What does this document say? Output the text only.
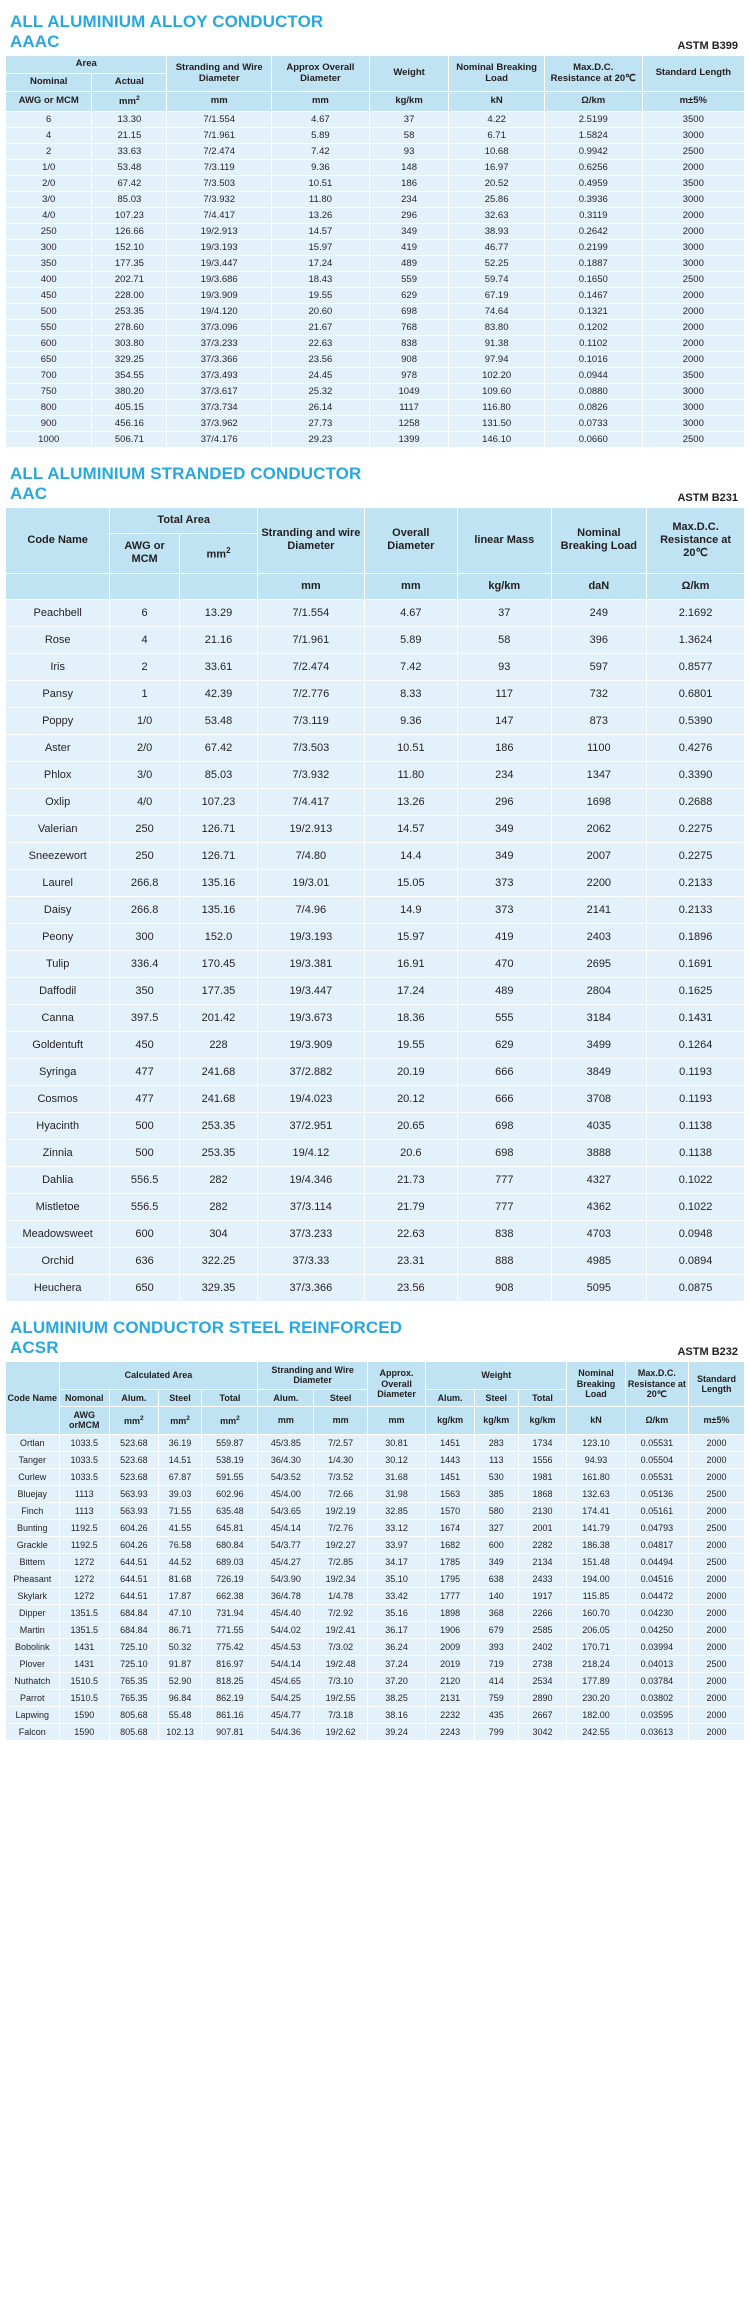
ALL ALUMINIUM ALLOY CONDUCTOR
AAAC	ASTM B399
Area		Stranding and Wire Diameter	Approx Overall Diameter	Weight	Nominal Breaking Load	Max.D.C. Resistance at 20℃	Standard Length
Nominal	Actual						
AWG or MCM	$mm^2$	mm	mm	kg/km	kN	Ω/km	m±5%
6	13.30	7/1.554	4.67	37	4.22	2.5199	3500
4	21.15	7/1.961	5.89	58	6.71	1.5824	3000
2	33.63	7/2.474	7.42	93	10.68	0.9942	2500
1/0	53.48	7/3.119	9.36	148	16.97	0.6256	2000
2/0	67.42	7/3.503	10.51	186	20.52	0.4959	3500
3/0	85.03	7/3.932	11.80	234	25.86	0.3936	3000
4/0	107.23	7/4.417	13.26	296	32.63	0.3119	2000
250	126.66	19/2.913	14.57	349	38.93	0.2642	2000
300	152.10	19/3.193	15.97	419	46.77	0.2199	3000
350	177.35	19/3.447	17.24	489	52.25	0.1887	3000
400	202.71	19/3.686	18.43	559	59.74	0.1650	2500
450	228.00	19/3.909	19.55	629	67.19	0.1467	2000
500	253.35	19/4.120	20.60	698	74.64	0.1321	2000
550	278.60	37/3.096	21.67	768	83.80	0.1202	2000
600	303.80	37/3.233	22.63	838	91.38	0.1102	2000
650	329.25	37/3.366	23.56	908	97.94	0.1016	2000
700	354.55	37/3.493	24.45	978	102.20	0.0944	3500
750	380.20	37/3.617	25.32	1049	109.60	0.0880	3000
800	405.15	37/3.734	26.14	1117	116.80	0.0826	3000
900	456.16	37/3.962	27.73	1258	131.50	0.0733	3000
1000	506.71	37/4.176	29.23	1399	146.10	0.0660	2500
ALL ALUMINIUM STRANDED CONDUCTOR
AAC	ASTM B231
Code Name	Total Area		Stranding and wire Diameter	Overall Diameter	linear Mass	Nominal Breaking Load	Max.D.C. Resistance at 20℃
	AWG or MCM	$mm^2$
			mm	mm	kg/km	daN	Ω/km
Peachbell	6	13.29	7/1.554	4.67	37	249	2.1692
Rose	4	21.16	7/1.961	5.89	58	396	1.3624
Iris	2	33.61	7/2.474	7.42	93	597	0.8577
Pansy	1	42.39	7/2.776	8.33	117	732	0.6801
Poppy	1/0	53.48	7/3.119	9.36	147	873	0.5390
Aster	2/0	67.42	7/3.503	10.51	186	1100	0.4276
Phlox	3/0	85.03	7/3.932	11.80	234	1347	0.3390
Oxlip	4/0	107.23	7/4.417	13.26	296	1698	0.2688
Valerian	250	126.71	19/2.913	14.57	349	2062	0.2275
Sneezewort	250	126.71	7/4.80	14.4	349	2007	0.2275
Laurel	266.8	135.16	19/3.01	15.05	373	2200	0.2133
Daisy	266.8	135.16	7/4.96	14.9	373	2141	0.2133
Peony	300	152.0	19/3.193	15.97	419	2403	0.1896
Tulip	336.4	170.45	19/3.381	16.91	470	2695	0.1691
Daffodil	350	177.35	19/3.447	17.24	489	2804	0.1625
Canna	397.5	201.42	19/3.673	18.36	555	3184	0.1431
Goldentuft	450	228	19/3.909	19.55	629	3499	0.1264
Syringa	477	241.68	37/2.882	20.19	666	3849	0.1193
Cosmos	477	241.68	19/4.023	20.12	666	3708	0.1193
Hyacinth	500	253.35	37/2.951	20.65	698	4035	0.1138
Zinnia	500	253.35	19/4.12	20.6	698	3888	0.1138
Dahlia	556.5	282	19/4.346	21.73	777	4327	0.1022
Mistletoe	556.5	282	37/3.114	21.79	777	4362	0.1022
Meadowsweet	600	304	37/3.233	22.63	838	4703	0.0948
Orchid	636	322.25	37/3.33	23.31	888	4985	0.0894
Heuchera	650	329.35	37/3.366	23.56	908	5095	0.0875
ALUMINIUM CONDUCTOR STEEL REINFORCED
ACSR	ASTM B232
Code Name	Calculated Area				Stranding and Wire Diameter		Approx. Overall Diameter	Weight			Nominal Breaking Load	Max.D.C. Resistance at 20℃	Standard Length
	Nomonal	Alum.	Steel	Total	Alum.	Steel		Alum.	Steel	Total			
	AWG orMCM	$mm^2$	$mm^2$	$mm^2$	mm	mm	mm	kg/km	kg/km	kg/km	kN	Ω/km	m±5%
Ortlan	1033.5	523.68	36.19	559.87	45/3.85	7/2.57	30.81	1451	283	1734	123.10	0.05531	2000
Tanger	1033.5	523.68	14.51	538.19	36/4.30	1/4.30	30.12	1443	113	1556	94.93	0.05504	2000
Curlew	1033.5	523.68	67.87	591.55	54/3.52	7/3.52	31.68	1451	530	1981	161.80	0.05531	2000
Bluejay	1113	563.93	39.03	602.96	45/4.00	7/2.66	31.98	1563	385	1868	132.63	0.05136	2500
Finch	1113	563.93	71.55	635.48	54/3.65	19/2.19	32.85	1570	580	2130	174.41	0.05161	2000
Bunting	1192.5	604.26	41.55	645.81	45/4.14	7/2.76	33.12	1674	327	2001	141.79	0.04793	2500
Grackle	1192.5	604.26	76.58	680.84	54/3.77	19/2.27	33.97	1682	600	2282	186.38	0.04817	2000
Bittem	1272	644.51	44.52	689.03	45/4.27	7/2.85	34.17	1785	349	2134	151.48	0.04494	2500
Pheasant	1272	644.51	81.68	726.19	54/3.90	19/2.34	35.10	1795	638	2433	194.00	0.04516	2000
Skylark	1272	644.51	17.87	662.38	36/4.78	1/4.78	33.42	1777	140	1917	115.85	0.04472	2000
Dipper	1351.5	684.84	47.10	731.94	45/4.40	7/2.92	35.16	1898	368	2266	160.70	0.04230	2000
Martin	1351.5	684.84	86.71	771.55	54/4.02	19/2.41	36.17	1906	679	2585	206.05	0.04250	2000
Bobolink	1431	725.10	50.32	775.42	45/4.53	7/3.02	36.24	2009	393	2402	170.71	0.03994	2000
Plover	1431	725.10	91.87	816.97	54/4.14	19/2.48	37.24	2019	719	2738	218.24	0.04013	2500
Nuthatch	1510.5	765.35	52.90	818.25	45/4.65	7/3.10	37.20	2120	414	2534	177.89	0.03784	2000
Parrot	1510.5	765.35	96.84	862.19	54/4.25	19/2.55	38.25	2131	759	2890	230.20	0.03802	2000
Lapwing	1590	805.68	55.48	861.16	45/4.77	7/3.18	38.16	2232	435	2667	182.00	0.03595	2000
Falcon	1590	805.68	102.13	907.81	54/4.36	19/2.62	39.24	2243	799	3042	242.55	0.03613	2000
